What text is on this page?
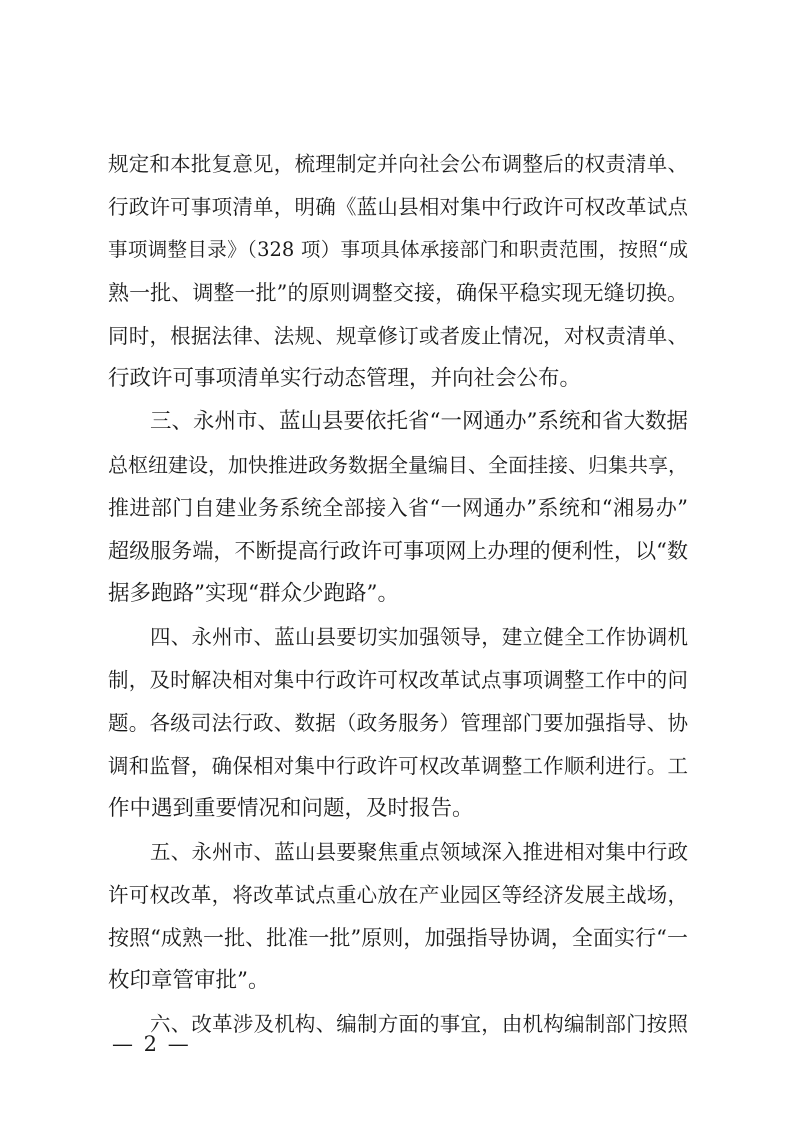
规定和本批复意见，梳理制定并向社会公布调整后的权责清单、
行政许可事项清单，明确《蓝山县相对集中行政许可权改革试点
事项调整目录》（328 项）事项具体承接部门和职责范围，按照“成
熟一批、调整一批”的原则调整交接，确保平稳实现无缝切换。
同时，根据法律、法规、规章修订或者废止情况，对权责清单、
行政许可事项清单实行动态管理，并向社会公布。
三、永州市、蓝山县要依托省“一网通办”系统和省大数据
总枢纽建设，加快推进政务数据全量编目、全面挂接、归集共享，
推进部门自建业务系统全部接入省“一网通办”系统和“湘易办”
超级服务端，不断提高行政许可事项网上办理的便利性，以“数
据多跑路”实现“群众少跑路”。
四、永州市、蓝山县要切实加强领导，建立健全工作协调机
制，及时解决相对集中行政许可权改革试点事项调整工作中的问
题。各级司法行政、数据（政务服务）管理部门要加强指导、协
调和监督，确保相对集中行政许可权改革调整工作顺利进行。工
作中遇到重要情况和问题，及时报告。
五、永州市、蓝山县要聚焦重点领域深入推进相对集中行政
许可权改革，将改革试点重心放在产业园区等经济发展主战场，
按照“成熟一批、批准一批”原则，加强指导协调，全面实行“一
枚印章管审批”。
六、改革涉及机构、编制方面的事宜，由机构编制部门按照
— 2 —
